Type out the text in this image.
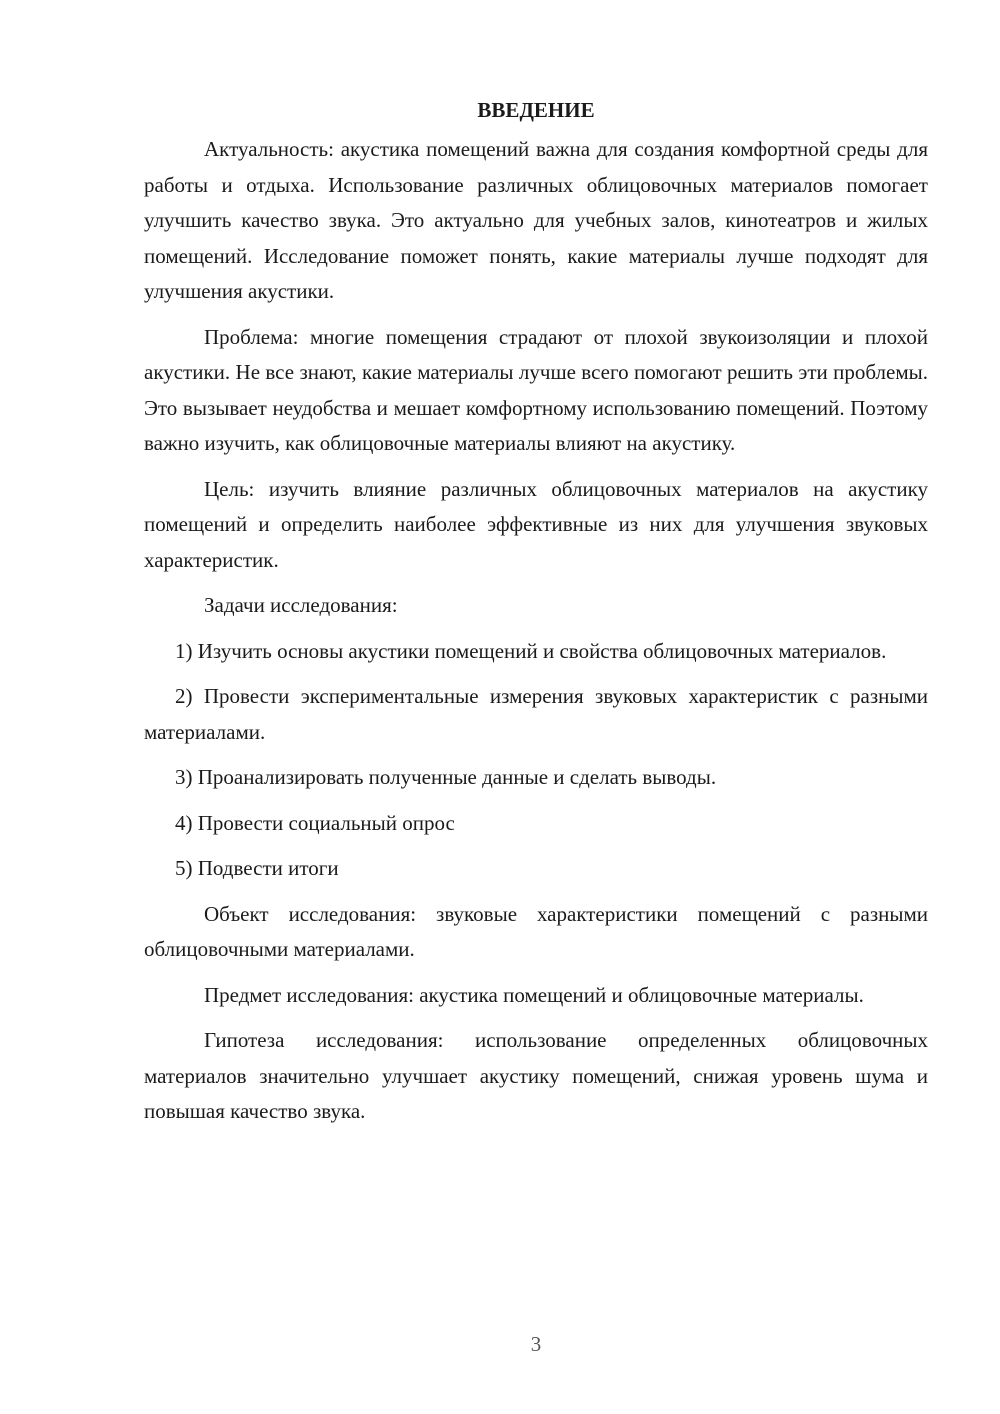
ВВЕДЕНИЕ

Актуальность: акустика помещений важна для создания комфортной среды для работы и отдыха. Использование различных облицовочных материалов помогает улучшить качество звука. Это актуально для учебных залов, кинотеатров и жилых помещений. Исследование поможет понять, какие материалы лучше подходят для улучшения акустики.

Проблема: многие помещения страдают от плохой звукоизоляции и плохой акустики. Не все знают, какие материалы лучше всего помогают решить эти проблемы. Это вызывает неудобства и мешает комфортному использованию помещений. Поэтому важно изучить, как облицовочные материалы влияют на акустику.

Цель: изучить влияние различных облицовочных материалов на акустику помещений и определить наиболее эффективные из них для улучшения звуковых характеристик.

Задачи исследования:

1) Изучить основы акустики помещений и свойства облицовочных материалов.

2) Провести экспериментальные измерения звуковых характеристик с разными материалами.

3) Проанализировать полученные данные и сделать выводы.

4) Провести социальный опрос

5) Подвести итоги

Объект исследования: звуковые характеристики помещений с разными облицовочными материалами.

Предмет исследования: акустика помещений и облицовочные материалы.

Гипотеза исследования: использование определенных облицовочных материалов значительно улучшает акустику помещений, снижая уровень шума и повышая качество звука.

3
